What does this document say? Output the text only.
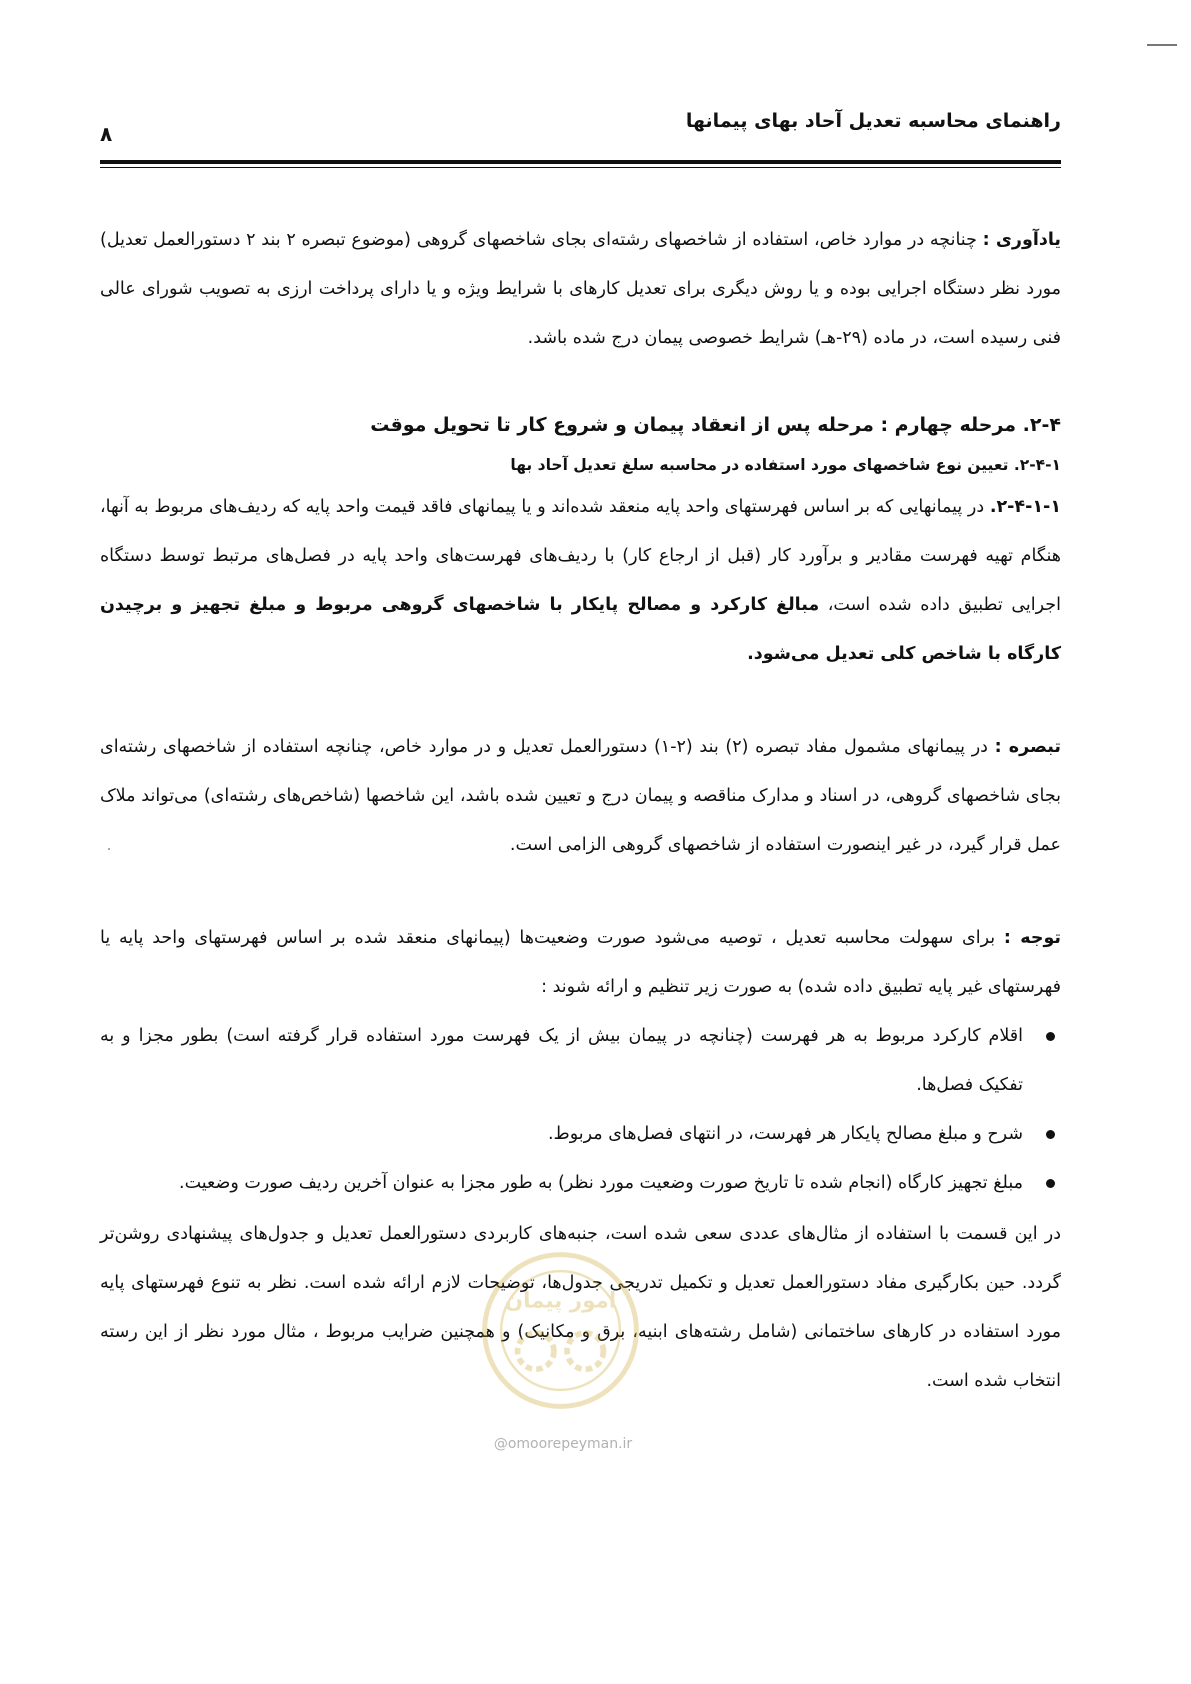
راهنمای محاسبه تعدیل آحاد بهای پیمانها
۸

یادآوری : چنانچه در موارد خاص، استفاده از شاخصهای رشته‌ای بجای شاخصهای گروهی (موضوع تبصره ۲ بند ۲ دستورالعمل تعدیل) مورد نظر دستگاه اجرایی بوده و یا روش دیگری برای تعدیل کارهای با شرایط ویژه و یا دارای پرداخت ارزی به تصویب شورای عالی فنی رسیده است، در ماده (۲۹-هـ) شرایط خصوصی پیمان درج شده باشد.

۲-۴. مرحله چهارم : مرحله پس از انعقاد پیمان و شروع کار تا تحویل موقت

۲-۴-۱. تعیین نوع شاخصهای مورد استفاده در محاسبه سلغ تعدیل آحاد بها

۲-۴-۱-۱. در پیمانهایی که بر اساس فهرستهای واحد پایه منعقد شده‌اند و یا پیمانهای فاقد قیمت واحد پایه که ردیف‌های مربوط به آنها، هنگام تهیه فهرست مقادیر و برآورد کار (قبل از ارجاع کار) با ردیف‌های فهرست‌های واحد پایه در فصل‌های مرتبط توسط دستگاه اجرایی تطبیق داده شده است، مبالغ کارکرد و مصالح پایکار با شاخصهای گروهی مربوط و مبلغ تجهیز و برچیدن کارگاه با شاخص کلی تعدیل می‌شود.

تبصره : در پیمانهای مشمول مفاد تبصره (۲) بند (۲-۱) دستورالعمل تعدیل و در موارد خاص، چنانچه استفاده از شاخصهای رشته‌ای بجای شاخصهای گروهی، در اسناد و مدارک مناقصه و پیمان درج و تعیین شده باشد، این شاخصها (شاخص‌های رشته‌ای) می‌تواند ملاک عمل قرار گیرد، در غیر اینصورت استفاده از شاخصهای گروهی الزامی است.

توجه : برای سهولت محاسبه تعدیل ، توصیه می‌شود صورت وضعیت‌ها (پیمانهای منعقد شده بر اساس فهرستهای واحد پایه یا فهرستهای غیر پایه تطبیق داده شده) به صورت زیر تنظیم و ارائه شوند :

اقلام کارکرد مربوط به هر فهرست (چنانچه در پیمان بیش از یک فهرست مورد استفاده قرار گرفته است) بطور مجزا و به تفکیک فصل‌ها.
شرح و مبلغ مصالح پایکار هر فهرست، در انتهای فصل‌های مربوط.
مبلغ تجهیز کارگاه (انجام شده تا تاریخ صورت وضعیت مورد نظر) به طور مجزا به عنوان آخرین ردیف صورت وضعیت.

در این قسمت با استفاده از مثال‌های عددی سعی شده است، جنبه‌های کاربردی دستورالعمل تعدیل و جدول‌های پیشنهادی روشن‌تر گردد. حین بکارگیری مفاد دستورالعمل تعدیل و تکمیل تدریجی جدول‌ها، توضیحات لازم ارائه شده است. نظر به تنوع فهرستهای پایه مورد استفاده در کارهای ساختمانی (شامل رشته‌های ابنیه، برق و مکانیک) و همچنین ضرایب مربوط ، مثال مورد نظر از این رسته انتخاب شده است.

امور پیمان
@omoorepeyman.ir
